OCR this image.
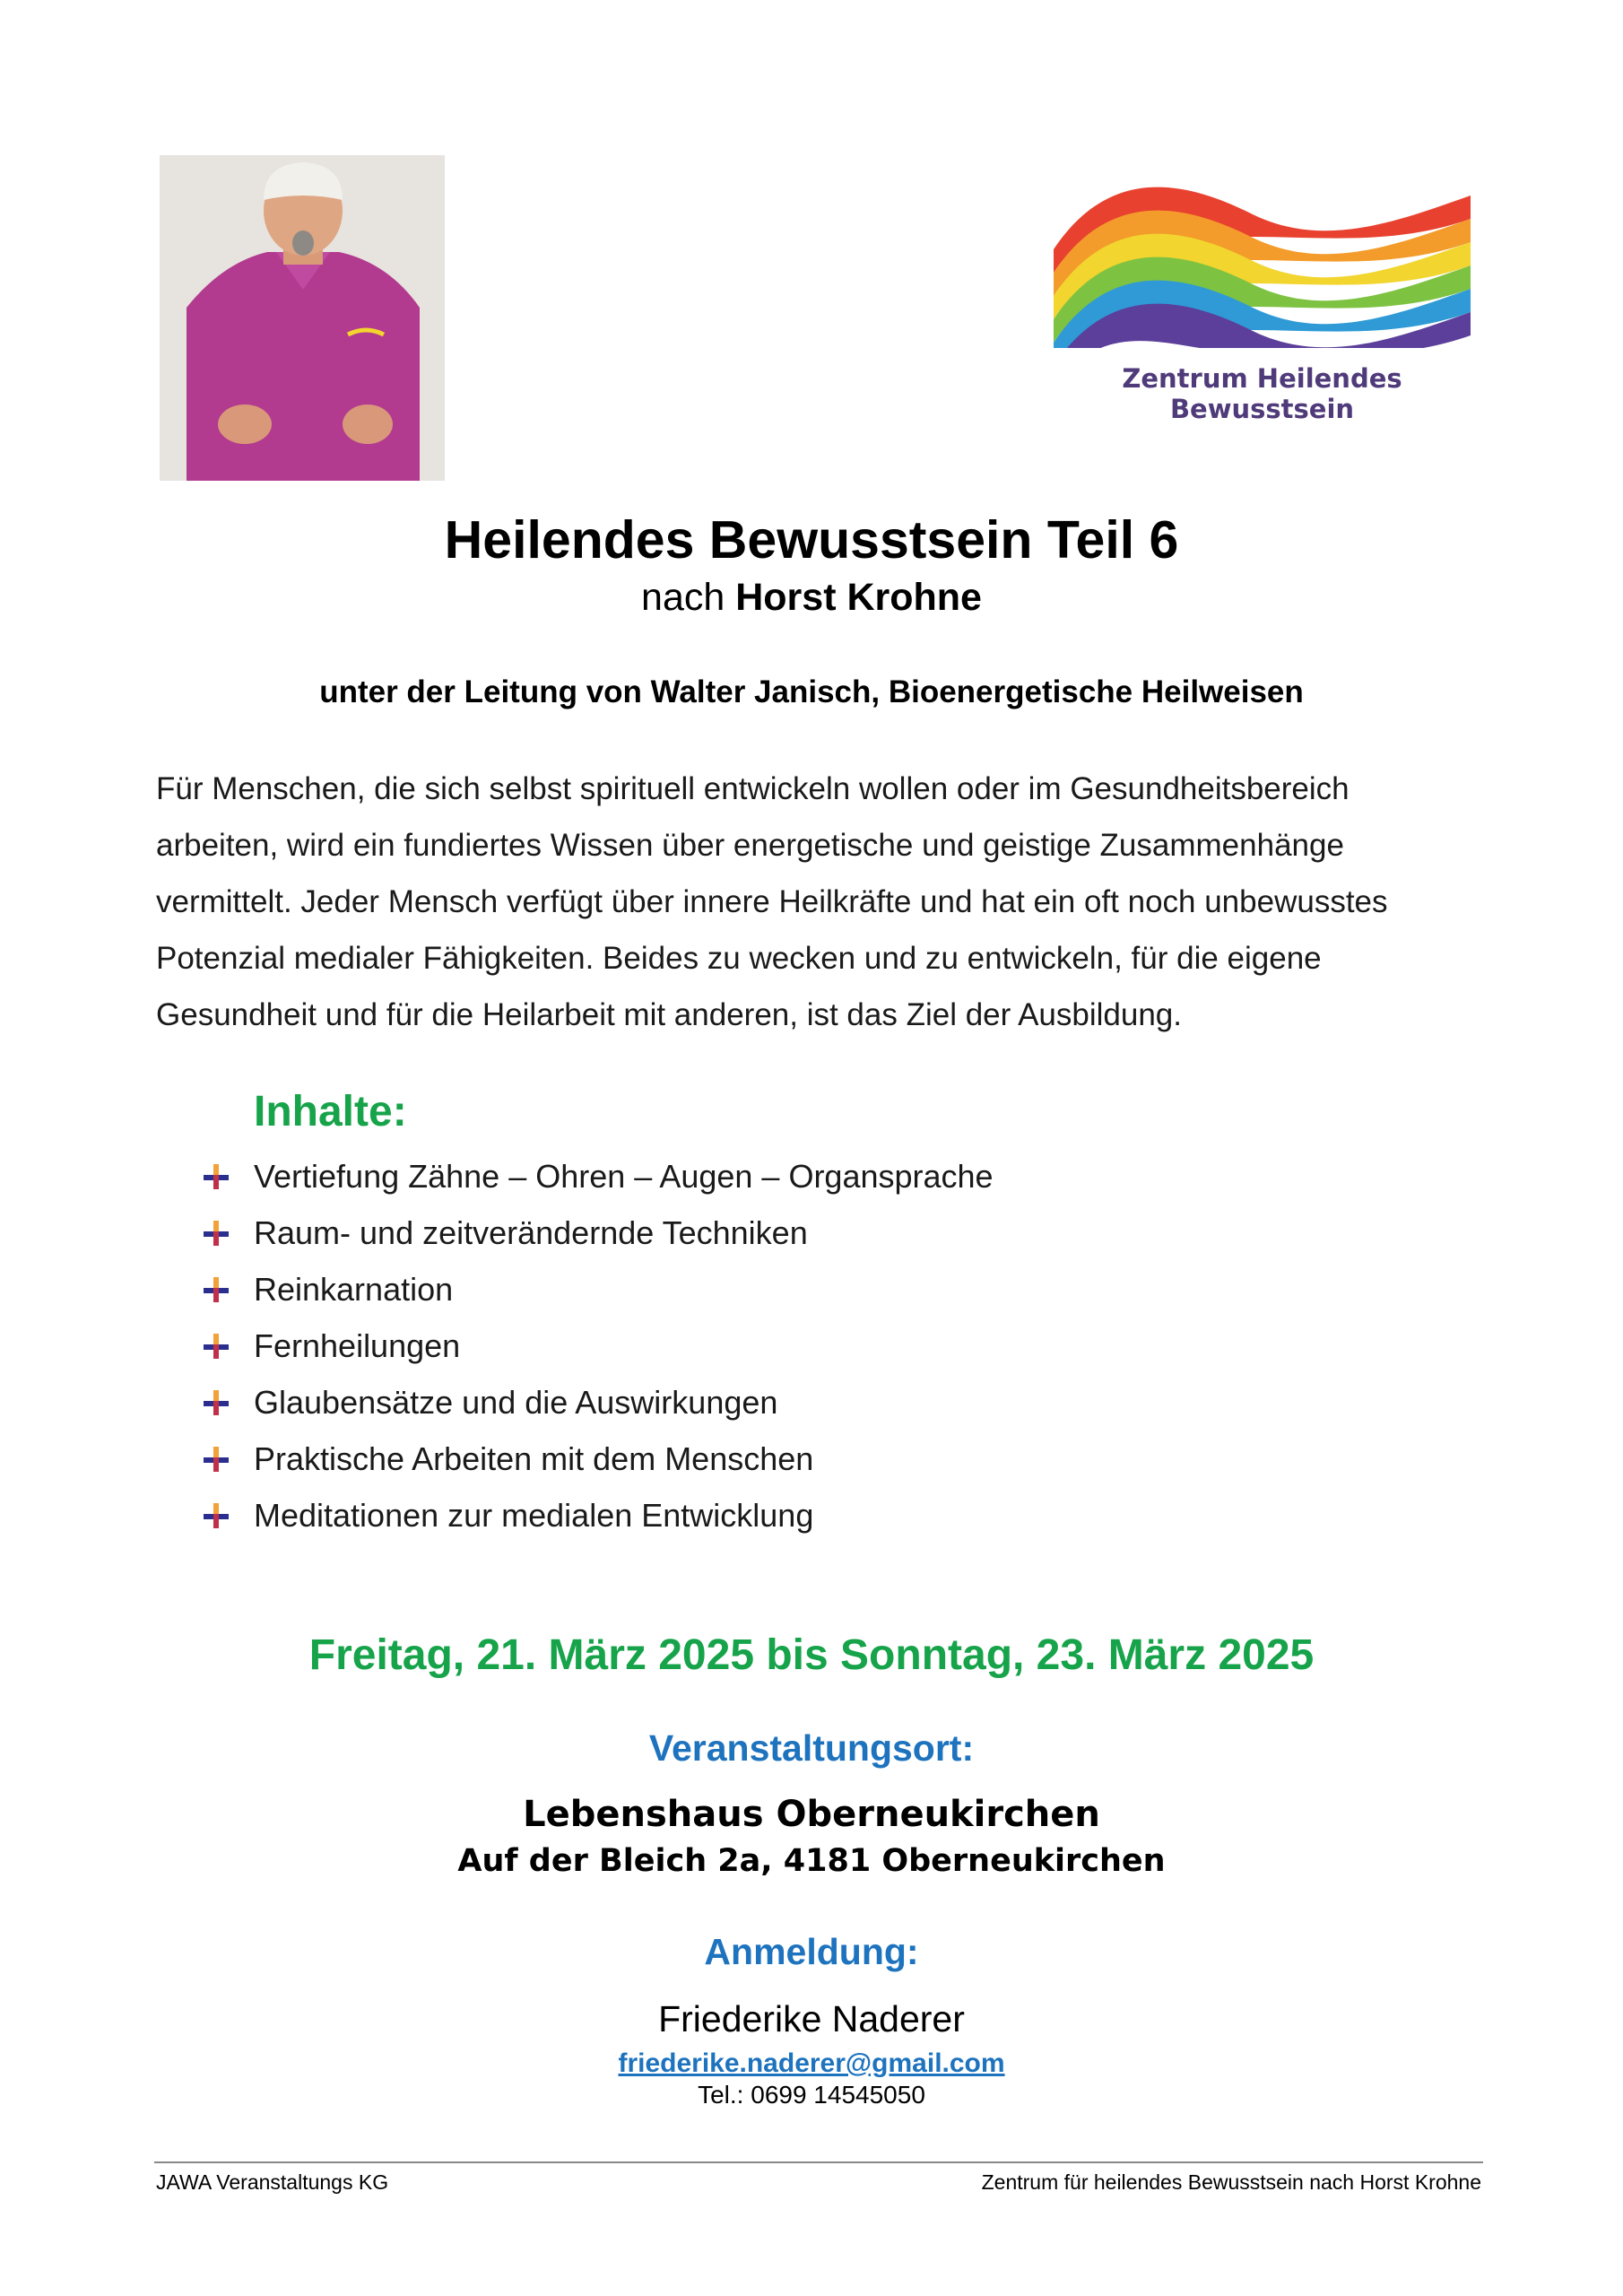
Zentrum Heilendes Bewusstsein
Heilendes Bewusstsein Teil 6
nach Horst Krohne
unter der Leitung von Walter Janisch, Bioenergetische Heilweisen
Für Menschen, die sich selbst spirituell entwickeln wollen oder im Gesundheitsbereich
arbeiten, wird ein fundiertes Wissen über energetische und geistige Zusammenhänge
vermittelt. Jeder Mensch verfügt über innere Heilkräfte und hat ein oft noch unbewusstes
Potenzial medialer Fähigkeiten. Beides zu wecken und zu entwickeln, für die eigene
Gesundheit und für die Heilarbeit mit anderen, ist das Ziel der Ausbildung.
Inhalte:
Vertiefung Zähne – Ohren – Augen – Organsprache
Raum- und zeitverändernde Techniken
Reinkarnation
Fernheilungen
Glaubensätze und die Auswirkungen
Praktische Arbeiten mit dem Menschen
Meditationen zur medialen Entwicklung
Freitag, 21. März 2025 bis Sonntag, 23. März 2025
Veranstaltungsort:
Lebenshaus Oberneukirchen
Auf der Bleich 2a, 4181 Oberneukirchen
Anmeldung:
Friederike Naderer
friederike.naderer@gmail.com
Tel.: 0699 14545050
JAWA Veranstaltungs KG	Zentrum für heilendes Bewusstsein nach Horst Krohne
